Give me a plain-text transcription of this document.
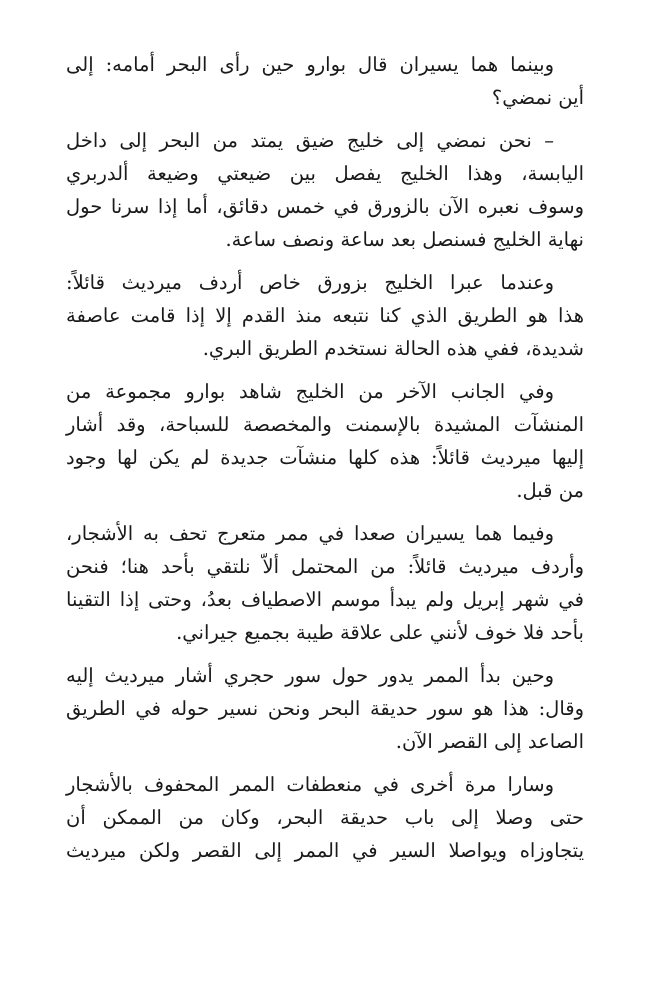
وبينما هما يسيران قال بوارو حين رأى البحر أمامه: إلى
أين نمضي؟

– نحن نمضي إلى خليج ضيق يمتد من البحر إلى داخل
اليابسة، وهذا الخليج يفصل بين ضيعتي وضيعة ألدربري
وسوف نعبره الآن بالزورق في خمس دقائق، أما إذا سرنا حول
نهاية الخليج فسنصل بعد ساعة ونصف ساعة.

وعندما عبرا الخليج بزورق خاص أردف ميرديث قائلاً:
هذا هو الطريق الذي كنا نتبعه منذ القدم إلا إذا قامت عاصفة
شديدة، ففي هذه الحالة نستخدم الطريق البري.

وفي الجانب الآخر من الخليج شاهد بوارو مجموعة من
المنشآت المشيدة بالإسمنت والمخصصة للسباحة، وقد أشار
إليها ميرديث قائلاً: هذه كلها منشآت جديدة لم يكن لها وجود
من قبل.

وفيما هما يسيران صعدا في ممر متعرج تحف به الأشجار،
وأردف ميرديث قائلاً: من المحتمل ألاّ نلتقي بأحد هنا؛ فنحن
في شهر إبريل ولم يبدأ موسم الاصطياف بعدُ، وحتى إذا التقينا
بأحد فلا خوف لأنني على علاقة طيبة بجميع جيراني.

وحين بدأ الممر يدور حول سور حجري أشار ميرديث إليه
وقال: هذا هو سور حديقة البحر ونحن نسير حوله في الطريق
الصاعد إلى القصر الآن.

وسارا مرة أخرى في منعطفات الممر المحفوف بالأشجار
حتى وصلا إلى باب حديقة البحر، وكان من الممكن أن
يتجاوزاه ويواصلا السير في الممر إلى القصر ولكن ميرديث
